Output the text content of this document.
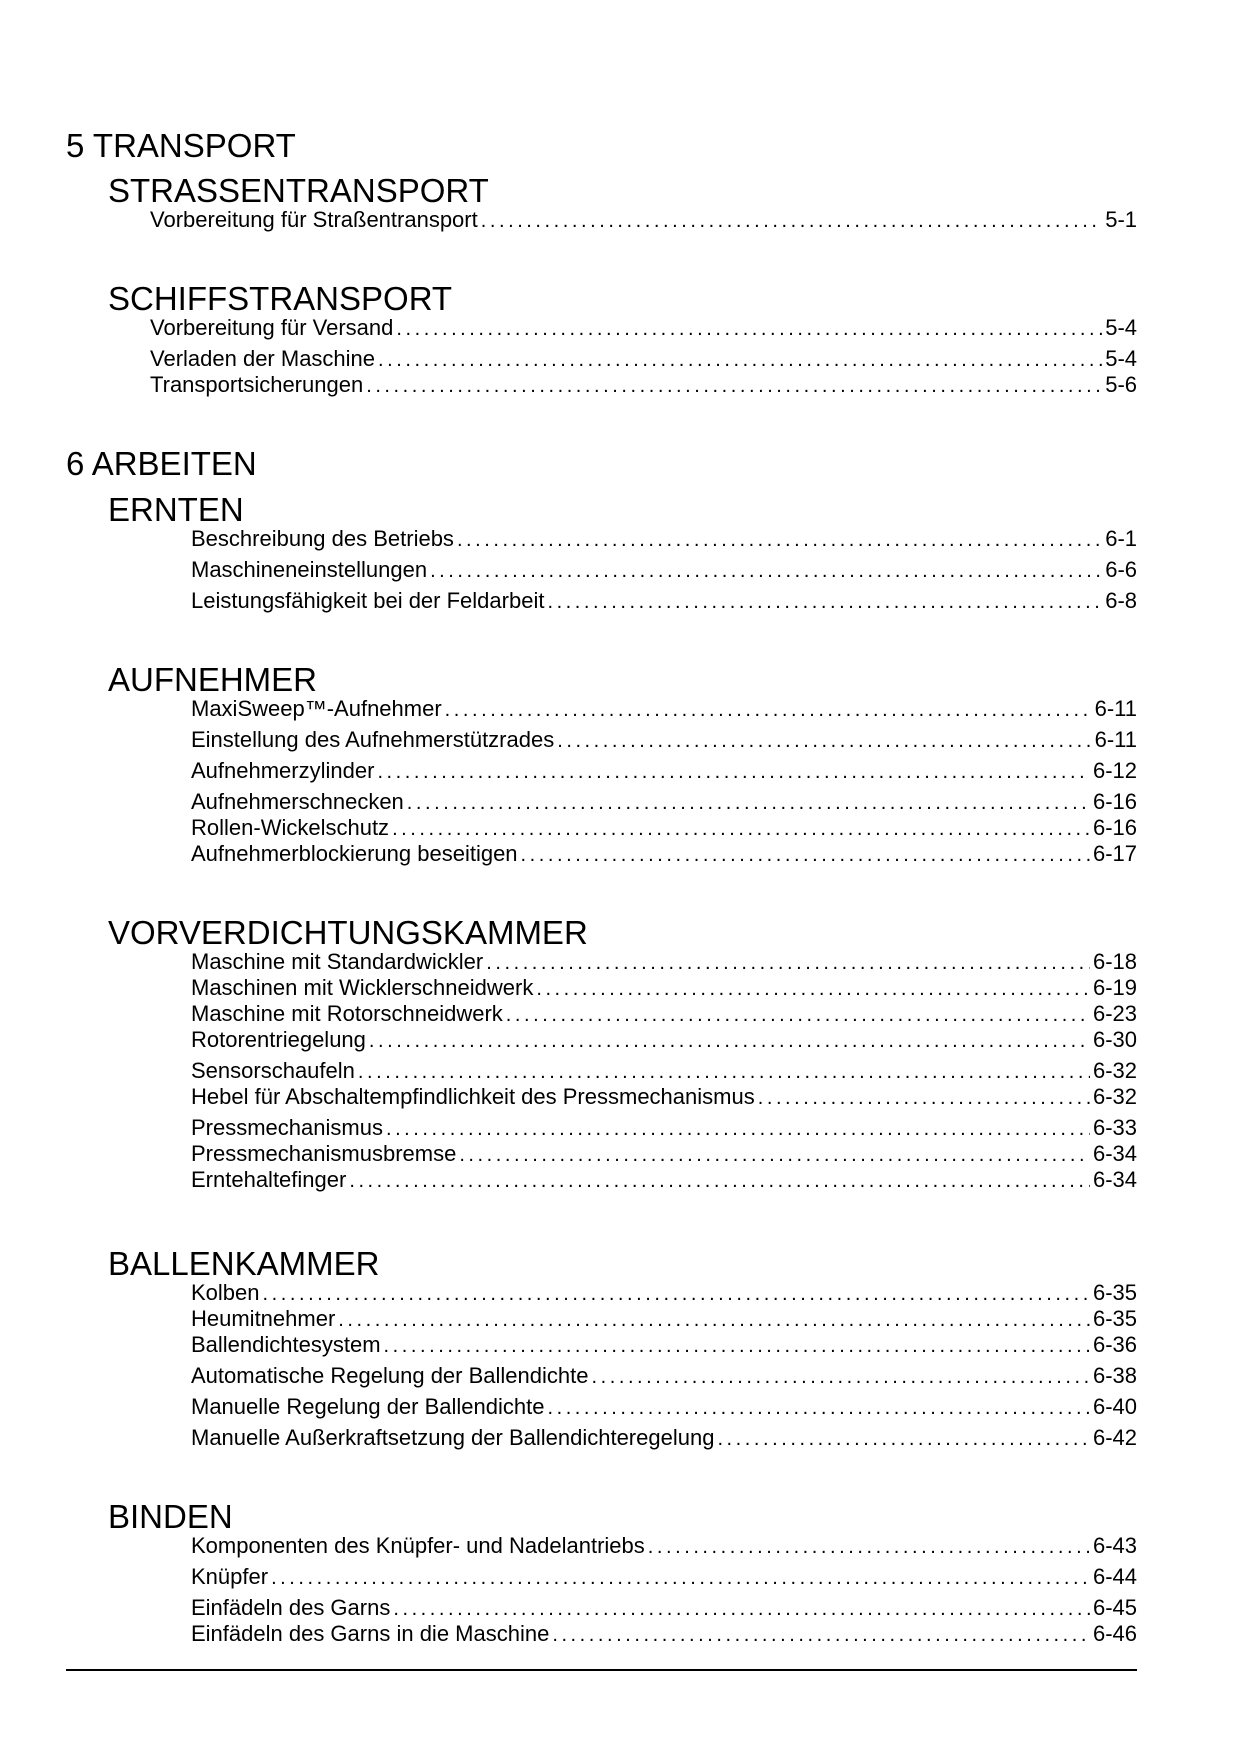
5 TRANSPORT
STRASSENTRANSPORT
Vorbereitung für Straßentransport . . .	5-1
SCHIFFSTRANSPORT
Vorbereitung für Versand . . .	5-4
Verladen der Maschine . . .	5-4
Transportsicherungen . . .	5-6
6 ARBEITEN
ERNTEN
Beschreibung des Betriebs . . .	6-1
Maschineneinstellungen . . .	6-6
Leistungsfähigkeit bei der Feldarbeit . . .	6-8
AUFNEHMER
MaxiSweep™-Aufnehmer . . .	6-11
Einstellung des Aufnehmerstützrades . . .	6-11
Aufnehmerzylinder . . .	6-12
Aufnehmerschnecken . . .	6-16
Rollen-Wickelschutz . . .	6-16
Aufnehmerblockierung beseitigen . . .	6-17
VORVERDICHTUNGSKAMMER
Maschine mit Standardwickler . . .	6-18
Maschinen mit Wicklerschneidwerk . . .	6-19
Maschine mit Rotorschneidwerk . . .	6-23
Rotorentriegelung . . .	6-30
Sensorschaufeln . . .	6-32
Hebel für Abschaltempfindlichkeit des Pressmechanismus . . .	6-32
Pressmechanismus . . .	6-33
Pressmechanismusbremse . . .	6-34
Erntehaltefinger . . .	6-34
BALLENKAMMER
Kolben . . .	6-35
Heumitnehmer . . .	6-35
Ballendichtesystem . . .	6-36
Automatische Regelung der Ballendichte . . .	6-38
Manuelle Regelung der Ballendichte . . .	6-40
Manuelle Außerkraftsetzung der Ballendichteregelung . . .	6-42
BINDEN
Komponenten des Knüpfer- und Nadelantriebs . . .	6-43
Knüpfer . . .	6-44
Einfädeln des Garns . . .	6-45
Einfädeln des Garns in die Maschine . . .	6-46
